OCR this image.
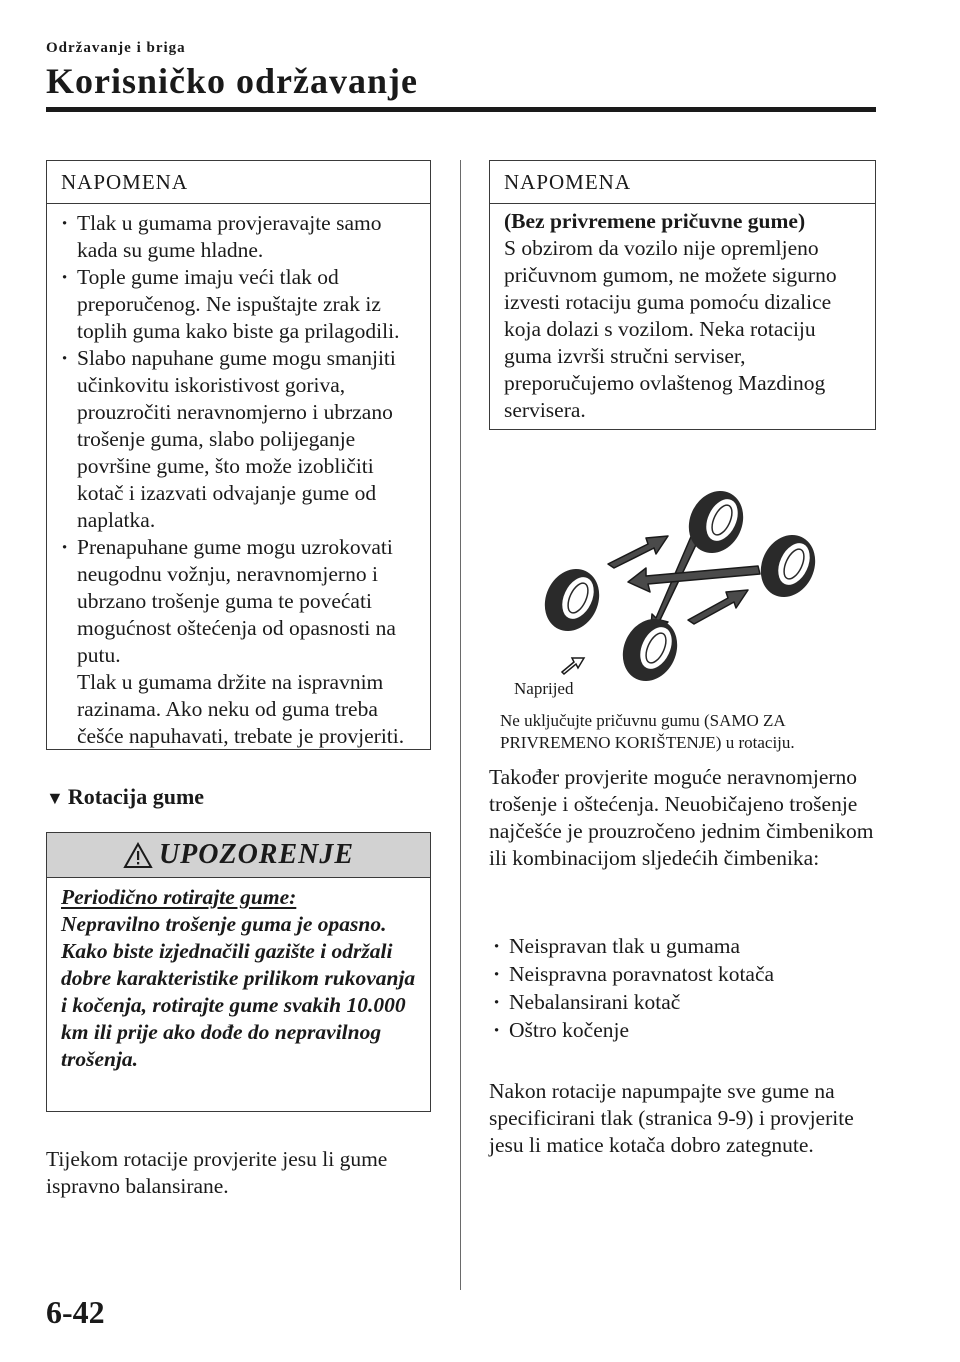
Održavanje i briga
Korisničko održavanje
NAPOMENA
· Tlak u gumama provjeravajte samo kada su gume hladne.
· Tople gume imaju veći tlak od preporučenog. Ne ispuštajte zrak iz toplih guma kako biste ga prilagodili.
· Slabo napuhane gume mogu smanjiti učinkovitu iskoristivost goriva, prouzročiti neravnomjerno i ubrzano trošenje guma, slabo polijeganje površine gume, što može izobličiti kotač i izazvati odvajanje gume od naplatka.
· Prenapuhane gume mogu uzrokovati neugodnu vožnju, neravnomjerno i ubrzano trošenje guma te povećati mogućnost oštećenja od opasnosti na putu.
Tlak u gumama držite na ispravnim razinama. Ako neku od guma treba češće napuhavati, trebate je provjeriti.
▼ Rotacija gume
UPOZORENJE
Periodično rotirajte gume:
Nepravilno trošenje guma je opasno. Kako biste izjednačili gazište i održali dobre karakteristike prilikom rukovanja i kočenja, rotirajte gume svakih 10.000 km ili prije ako dođe do nepravilnog trošenja.
Tijekom rotacije provjerite jesu li gume ispravno balansirane.
NAPOMENA
(Bez privremene pričuvne gume)
S obzirom da vozilo nije opremljeno pričuvnom gumom, ne možete sigurno izvesti rotaciju guma pomoću dizalice koja dolazi s vozilom. Neka rotaciju guma izvrši stručni serviser, preporučujemo ovlaštenog Mazdinog servisera.
Naprijed
Ne uključujte pričuvnu gumu (SAMO ZA PRIVREMENO KORIŠTENJE) u rotaciju.
Također provjerite moguće neravnomjerno trošenje i oštećenja. Neuobičajeno trošenje najčešće je prouzročeno jednim čimbenikom ili kombinacijom sljedećih čimbenika:
· Neispravan tlak u gumama
· Neispravna poravnatost kotača
· Nebalansirani kotač
· Oštro kočenje
Nakon rotacije napumpajte sve gume na specificirani tlak (stranica 9-9) i provjerite jesu li matice kotača dobro zategnute.
6-42
